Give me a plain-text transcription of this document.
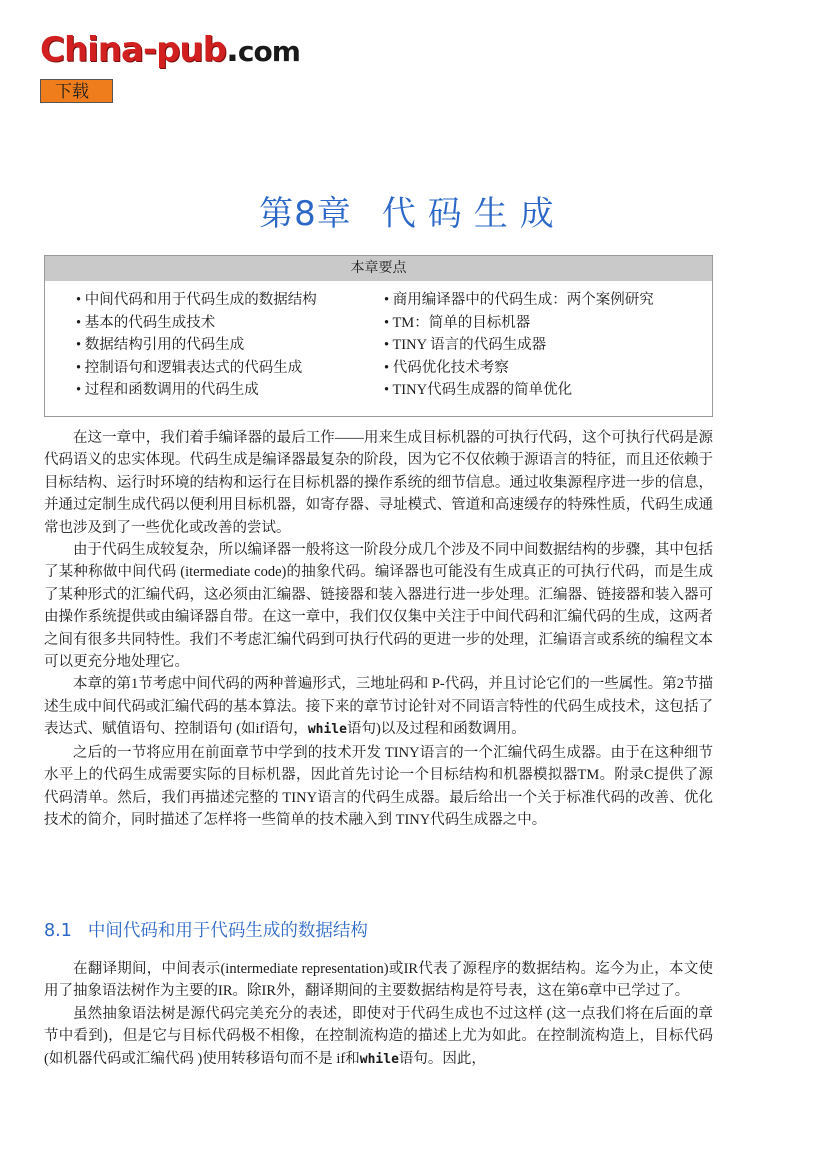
China-pub.com
下载
第8章 代码生成
本章要点
• 中间代码和用于代码生成的数据结构
• 基本的代码生成技术
• 数据结构引用的代码生成
• 控制语句和逻辑表达式的代码生成
• 过程和函数调用的代码生成
• 商用编译器中的代码生成：两个案例研究
• TM：简单的目标机器
• TINY 语言的代码生成器
• 代码优化技术考察
• TINY代码生成器的简单优化

在这一章中，我们着手编译器的最后工作——用来生成目标机器的可执行代码，这个可执行代码是源代码语义的忠实体现。代码生成是编译器最复杂的阶段，因为它不仅依赖于源语言的特征，而且还依赖于目标结构、运行时环境的结构和运行在目标机器的操作系统的细节信息。通过收集源程序进一步的信息，并通过定制生成代码以便利用目标机器，如寄存器、寻址模式、管道和高速缓存的特殊性质，代码生成通常也涉及到了一些优化或改善的尝试。

由于代码生成较复杂，所以编译器一般将这一阶段分成几个涉及不同中间数据结构的步骤，其中包括了某种称做中间代码 (itermediate code)的抽象代码。编译器也可能没有生成真正的可执行代码，而是生成了某种形式的汇编代码，这必须由汇编器、链接器和装入器进行进一步处理。汇编器、链接器和装入器可由操作系统提供或由编译器自带。在这一章中，我们仅仅集中关注于中间代码和汇编代码的生成，这两者之间有很多共同特性。我们不考虑汇编代码到可执行代码的更进一步的处理，汇编语言或系统的编程文本可以更充分地处理它。

本章的第1节考虑中间代码的两种普遍形式，三地址码和 P-代码，并且讨论它们的一些属性。第2节描述生成中间代码或汇编代码的基本算法。接下来的章节讨论针对不同语言特性的代码生成技术，这包括了表达式、赋值语句、控制语句 (如if语句，while语句)以及过程和函数调用。

之后的一节将应用在前面章节中学到的技术开发 TINY语言的一个汇编代码生成器。由于在这种细节水平上的代码生成需要实际的目标机器，因此首先讨论一个目标结构和机器模拟器TM。附录C提供了源代码清单。然后，我们再描述完整的 TINY语言的代码生成器。最后给出一个关于标准代码的改善、优化技术的简介，同时描述了怎样将一些简单的技术融入到 TINY代码生成器之中。

8.1 中间代码和用于代码生成的数据结构

在翻译期间，中间表示(intermediate representation)或IR代表了源程序的数据结构。迄今为止，本文使用了抽象语法树作为主要的IR。除IR外，翻译期间的主要数据结构是符号表，这在第6章中已学过了。

虽然抽象语法树是源代码完美充分的表述，即使对于代码生成也不过这样 (这一点我们将在后面的章节中看到)，但是它与目标代码极不相像，在控制流构造的描述上尤为如此。在控制流构造上，目标代码 (如机器代码或汇编代码 )使用转移语句而不是 if和while语句。因此，
